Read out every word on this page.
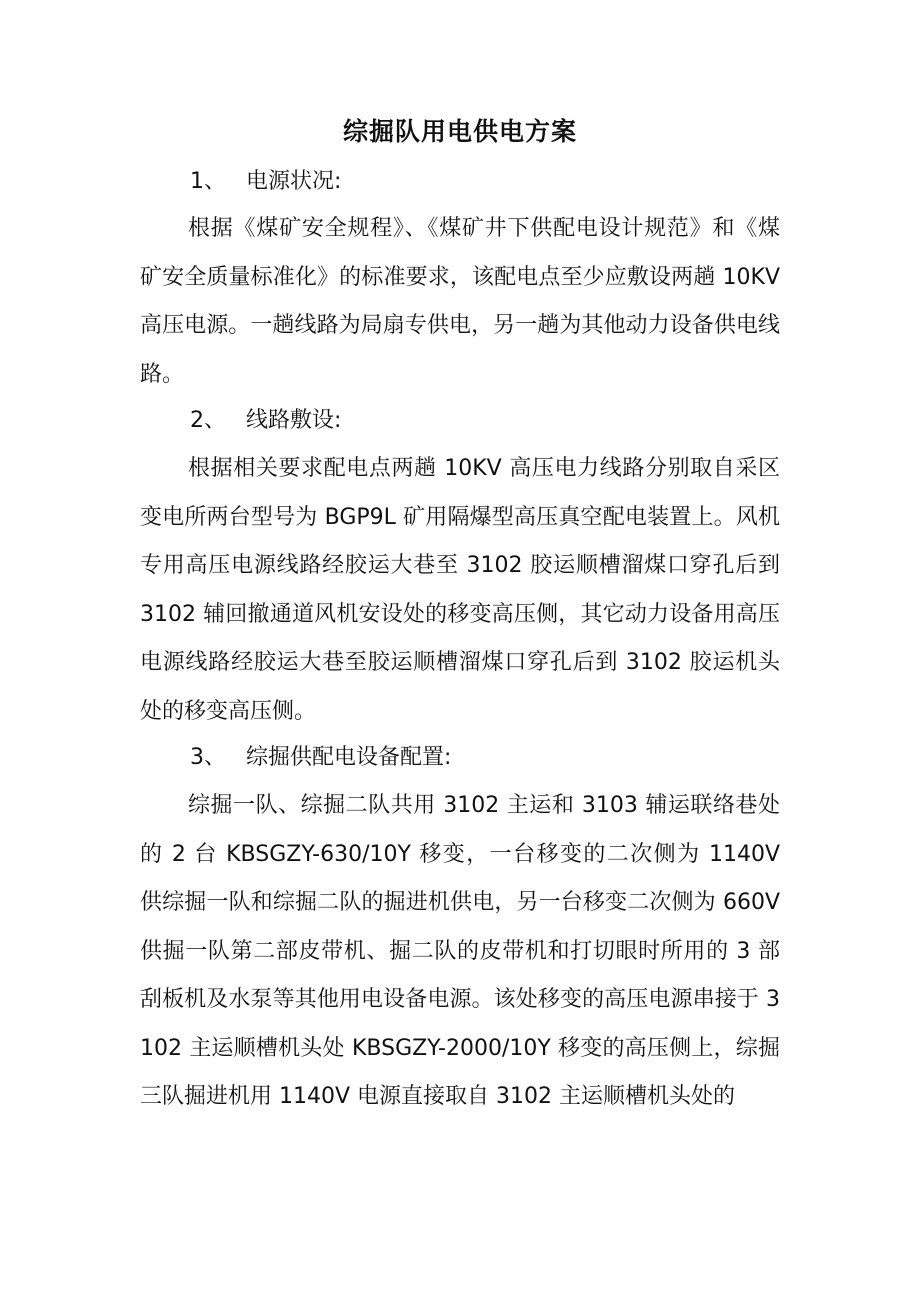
综掘队用电供电方案
1、 电源状况:

根据《煤矿安全规程》、《煤矿井下供配电设计规范》和《煤矿安全质量标准化》的标准要求，该配电点至少应敷设两趟 10KV 高压电源。一趟线路为局扇专供电，另一趟为其他动力设备供电线路。

2、 线路敷设:

根据相关要求配电点两趟 10KV 高压电力线路分别取自采区变电所两台型号为 BGP9L 矿用隔爆型高压真空配电装置上。风机专用高压电源线路经胶运大巷至 3102 胶运顺槽溜煤口穿孔后到 3102 辅回撤通道风机安设处的移变高压侧，其它动力设备用高压电源线路经胶运大巷至胶运顺槽溜煤口穿孔后到 3102 胶运机头处的移变高压侧。

3、 综掘供配电设备配置:

综掘一队、综掘二队共用 3102 主运和 3103 辅运联络巷处的 2 台 KBSGZY-630/10Y 移变，一台移变的二次侧为 1140V 供综掘一队和综掘二队的掘进机供电，另一台移变二次侧为 660V 供掘一队第二部皮带机、掘二队的皮带机和打切眼时所用的 3 部刮板机及水泵等其他用电设备电源。该处移变的高压电源串接于 3102 主运顺槽机头处 KBSGZY-2000/10Y 移变的高压侧上，综掘三队掘进机用 1140V 电源直接取自 3102 主运顺槽机头处的
